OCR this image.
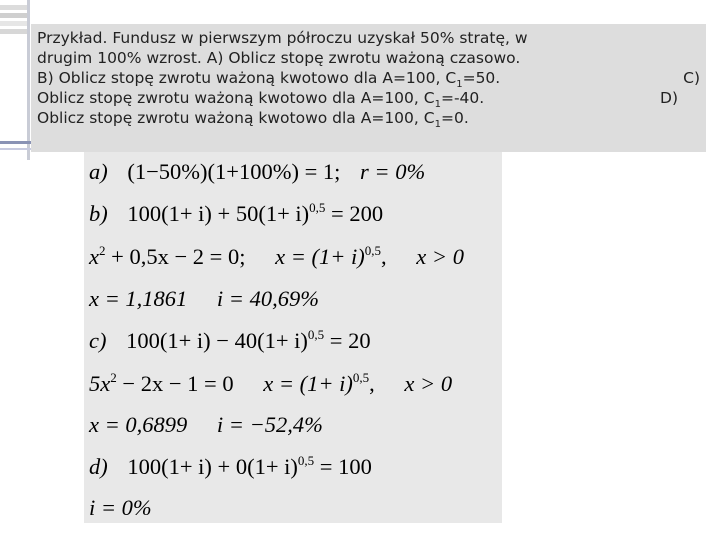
Przykład. Fundusz w pierwszym półroczu uzyskał 50% stratę, w
drugim 100% wzrost. A) Oblicz stopę zwrotu ważoną czasowo.
B) Oblicz stopę zwrotu ważoną kwotowo dla A=100, $C_1=50$.	C)
Oblicz stopę zwrotu ważoną kwotowo dla A=100, $C_1=-40$.	D)
Oblicz stopę zwrotu ważoną kwotowo dla A=100, $C_1=0$.
a) (1−50%)(1+100%) = 1; r = 0%
b) $100(1+ i) + 50(1+ i)^{0,5} = 200$
$x^2 + 0,5x - 2 = 0$; $x = (1+ i)^{0,5}$, x > 0
x = 1,1861 i = 40,69%
c) $100(1+ i) - 40(1+ i)^{0,5} = 20$
$5x^2 - 2x - 1 = 0$ $x = (1+ i)^{0,5}$, x > 0
x = 0,6899 i = −52,4%
d) $100(1+ i) + 0(1+ i)^{0,5} = 100$
i = 0%
